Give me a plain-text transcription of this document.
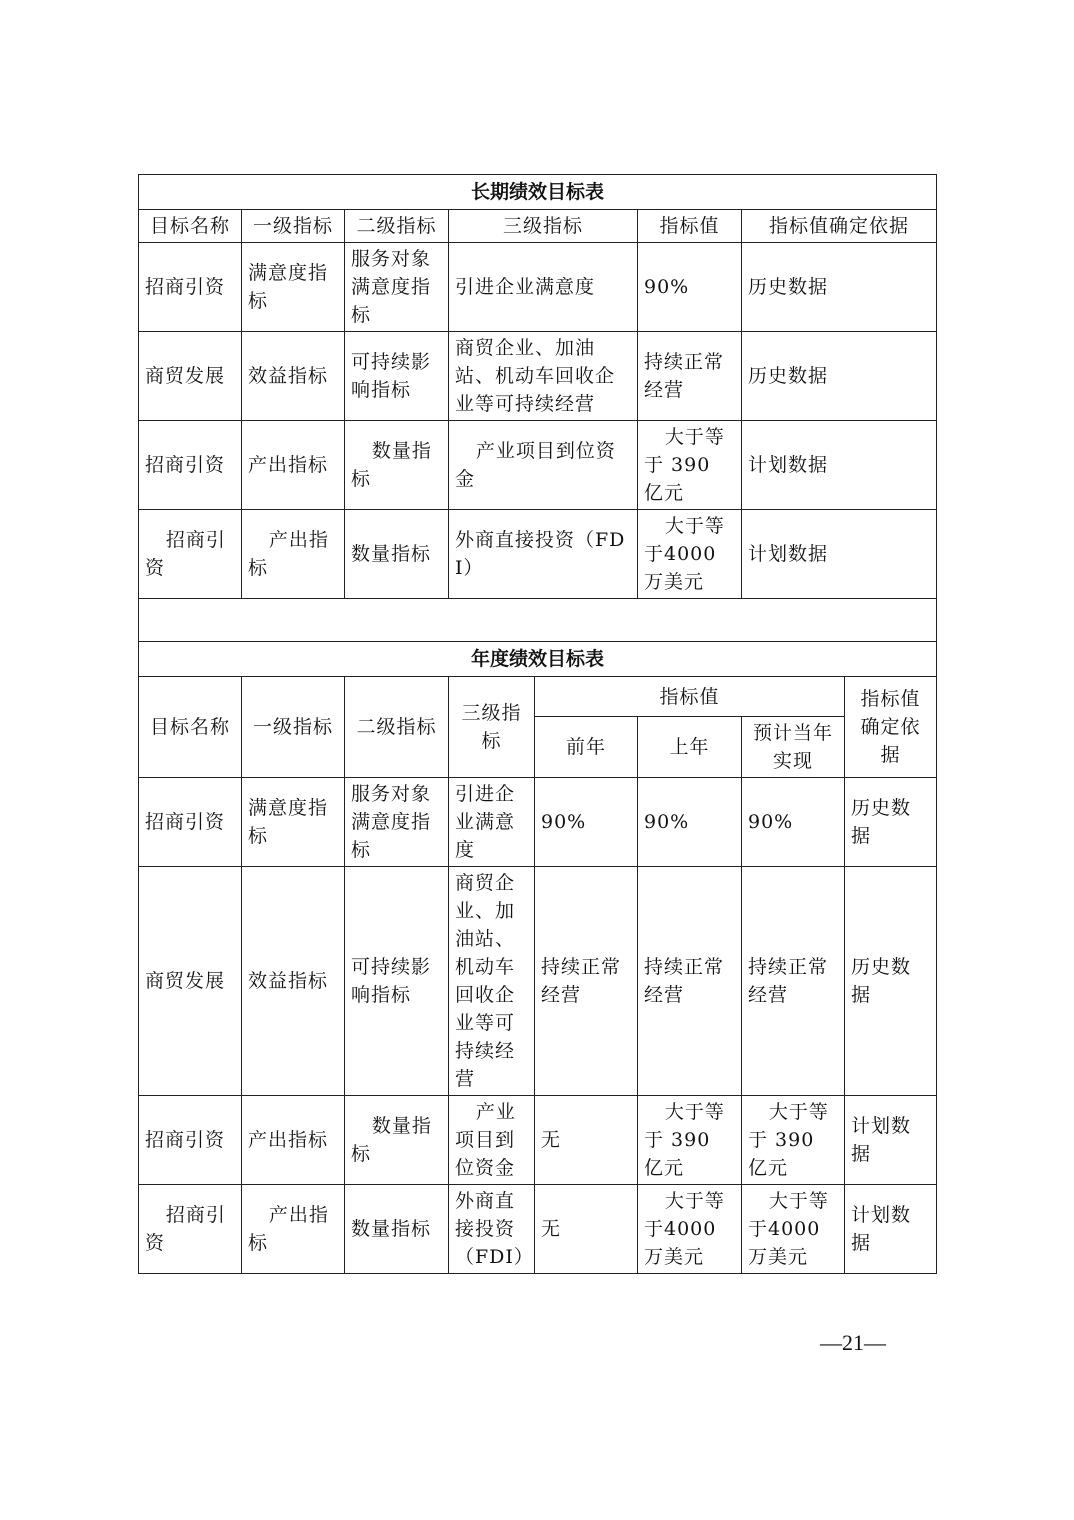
长期绩效目标表							
目标名称	一级指标	二级指标	三级指标		指标值	指标值确定依据	
招商引资	满意度指标	服务对象满意度指标	引进企业满意度		90%	历史数据	
商贸发展	效益指标	可持续影响指标	商贸企业、加油站、机动车回收企业等可持续经营		持续正常经营	历史数据	
招商引资	产出指标	数量指标	产业项目到位资金		大于等于 390 亿元	计划数据	
招商引资	产出指标	数量指标	外商直接投资（FDI）		大于等于4000万美元	计划数据	

年度绩效目标表							
目标名称	一级指标	二级指标	三级指标	指标值			指标值确定依据
				前年	上年	预计当年实现	
招商引资	满意度指标	服务对象满意度指标	引进企业满意度	90%	90%	90%	历史数据
商贸发展	效益指标	可持续影响指标	商贸企业、加油站、机动车回收企业等可持续经营	持续正常经营	持续正常经营	持续正常经营	历史数据
招商引资	产出指标	数量指标	产业项目到位资金	无	大于等于 390 亿元	大于等于 390 亿元	计划数据
招商引资	产出指标	数量指标	外商直接投资（FDI）	无	大于等于4000万美元	大于等于4000万美元	计划数据
—21—
